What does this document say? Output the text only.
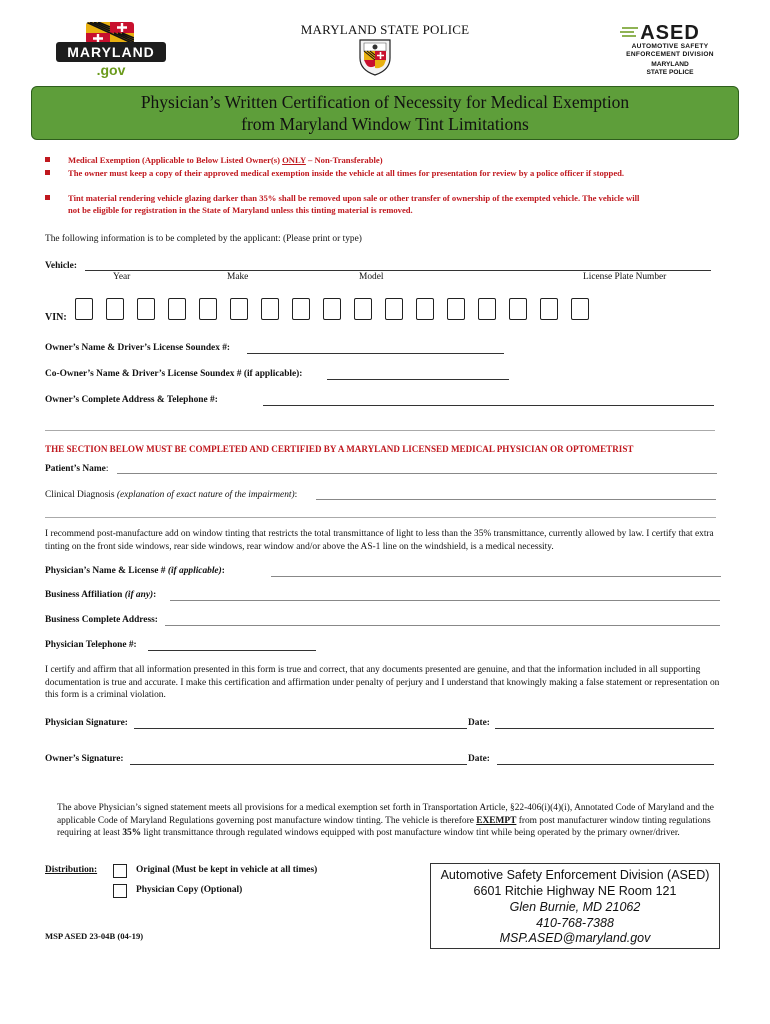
MARYLAND STATE POLICE
MARYLAND
.gov
ASED
AUTOMOTIVE SAFETY
ENFORCEMENT DIVISION
MARYLAND
STATE POLICE
Physician’s Written Certification of Necessity for Medical Exemption
from Maryland Window Tint Limitations
Medical Exemption (Applicable to Below Listed Owner(s) ONLY – Non-Transferable)
The owner must keep a copy of their approved medical exemption inside the vehicle at all times for presentation for review by a police officer if stopped.
Tint material rendering vehicle glazing darker than 35% shall be removed upon sale or other transfer of ownership of the exempted vehicle. The vehicle will not be eligible for registration in the State of Maryland unless this tinting material is removed.
The following information is to be completed by the applicant: (Please print or type)
Vehicle:
Year	Make	Model	License Plate Number
VIN:
Owner’s Name & Driver’s License Soundex #:
Co-Owner’s Name & Driver’s License Soundex # (if applicable):
Owner’s Complete Address & Telephone #:
THE SECTION BELOW MUST BE COMPLETED AND CERTIFIED BY A MARYLAND LICENSED MEDICAL PHYSICIAN OR OPTOMETRIST
Patient’s Name:
Clinical Diagnosis (explanation of exact nature of the impairment):
I recommend post-manufacture add on window tinting that restricts the total transmittance of light to less than the 35% transmittance, currently allowed by law. I certify that extra tinting on the front side windows, rear side windows, rear window and/or above the AS-1 line on the windshield, is a medical necessity.
Physician’s Name & License # (if applicable):
Business Affiliation (if any):
Business Complete Address:
Physician Telephone #:
I certify and affirm that all information presented in this form is true and correct, that any documents presented are genuine, and that the information included in all supporting documentation is true and accurate. I make this certification and affirmation under penalty of perjury and I understand that knowingly making a false statement or representation on this form is a criminal violation.
Physician Signature:	Date:
Owner’s Signature:	Date:
The above Physician’s signed statement meets all provisions for a medical exemption set forth in Transportation Article, §22-406(i)(4)(i), Annotated Code of Maryland and the applicable Code of Maryland Regulations governing post manufacture window tinting. The vehicle is therefore EXEMPT from post manufacturer window tinting regulations requiring at least 35% light transmittance through regulated windows equipped with post manufacture window tint while being operated by the primary owner/driver.
Distribution:	Original (Must be kept in vehicle at all times)
Physician Copy (Optional)
MSP ASED 23-04B (04-19)
Automotive Safety Enforcement Division (ASED)
6601 Ritchie Highway NE Room 121
Glen Burnie, MD 21062
410-768-7388
MSP.ASED@maryland.gov
